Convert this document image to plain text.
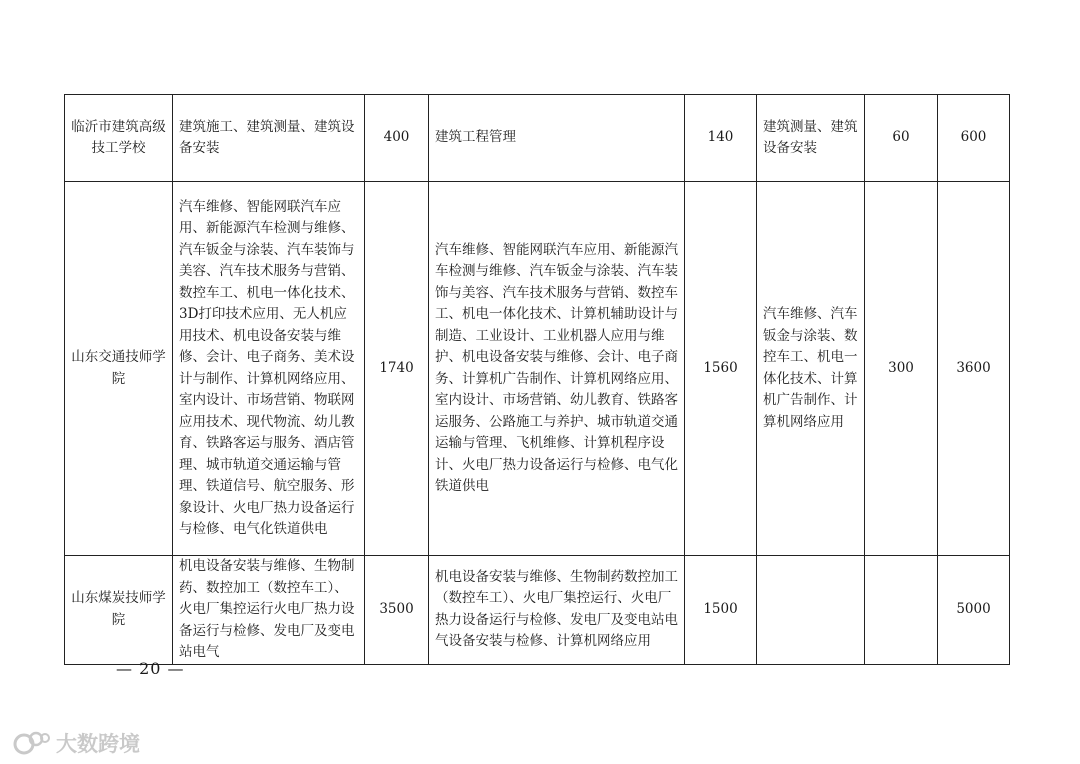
临沂市建筑高级技工学校	建筑施工、建筑测量、建筑设备安装	400	建筑工程管理	140	建筑测量、建筑设备安装	60	600
山东交通技师学院	汽车维修、智能网联汽车应用、新能源汽车检测与维修、汽车钣金与涂装、汽车装饰与美容、汽车技术服务与营销、数控车工、机电一体化技术、3D打印技术应用、无人机应用技术、机电设备安装与维修、会计、电子商务、美术设计与制作、计算机网络应用、室内设计、市场营销、物联网应用技术、现代物流、幼儿教育、铁路客运与服务、酒店管理、城市轨道交通运输与管理、铁道信号、航空服务、形象设计、火电厂热力设备运行与检修、电气化铁道供电	1740	汽车维修、智能网联汽车应用、新能源汽车检测与维修、汽车钣金与涂装、汽车装饰与美容、汽车技术服务与营销、数控车工、机电一体化技术、计算机辅助设计与制造、工业设计、工业机器人应用与维护、机电设备安装与维修、会计、电子商务、计算机广告制作、计算机网络应用、室内设计、市场营销、幼儿教育、铁路客运服务、公路施工与养护、城市轨道交通运输与管理、飞机维修、计算机程序设计、火电厂热力设备运行与检修、电气化铁道供电	1560	汽车维修、汽车钣金与涂装、数控车工、机电一体化技术、计算机广告制作、计算机网络应用	300	3600
山东煤炭技师学院	机电设备安装与维修、生物制药、数控加工（数控车工）、火电厂集控运行火电厂热力设备运行与检修、发电厂及变电站电气	3500	机电设备安装与维修、生物制药数控加工（数控车工）、火电厂集控运行、火电厂热力设备运行与检修、发电厂及变电站电气设备安装与检修、计算机网络应用	1500			5000
— 20 —
大数跨境
